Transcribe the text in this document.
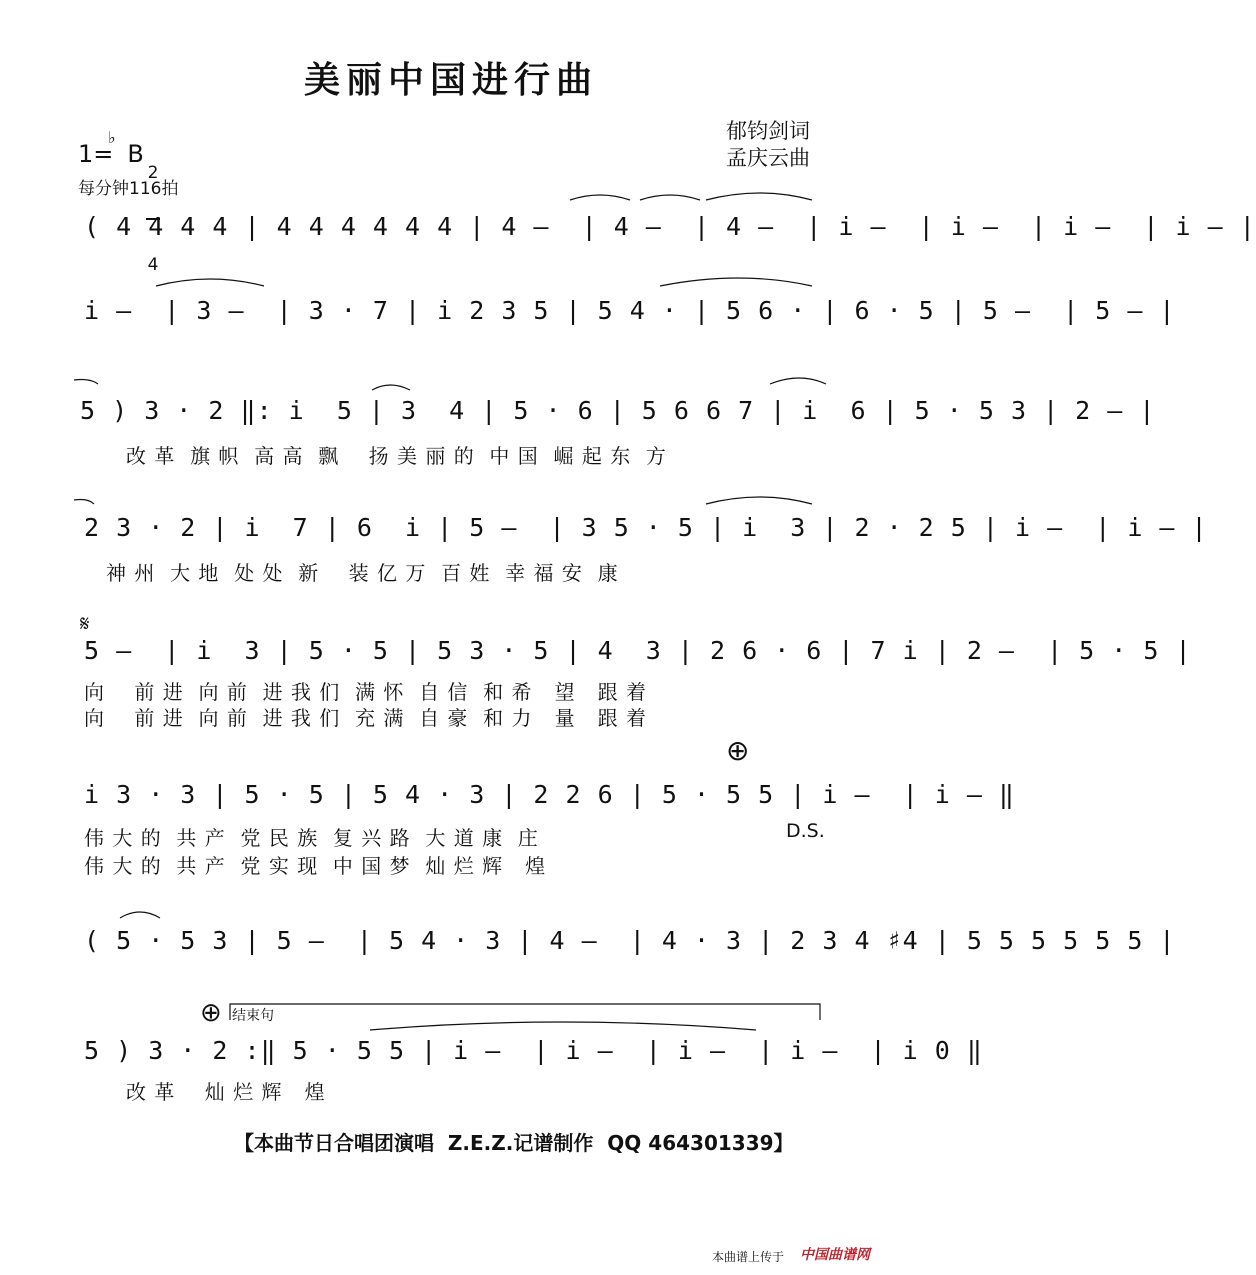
美丽中国进行曲
郁钧剑词
孟庆云曲
1= B
♭

2

4

每分钟116拍
( 4 4 4 4 | 4 4 4 4 4 4 | 4 –  | 4 –  | 4 –  | i –  | i –  | i –  | i – |
i –  | 3 –  | 3 · 7 | i 2 3 5 | 5 4 · | 5 6 · | 6 · 5 | 5 –  | 5 – |
5 ) 3 · 2 ‖: i  5 | 3  4 | 5 · 6 | 5 6 6 7 | i  6 | 5 · 5 3 | 2 – |
改 革  旗 帜  高 高  飘    扬 美 丽 的  中 国  崛 起 东  方
2 3 · 2 | i  7 | 6  i | 5 –  | 3 5 · 5 | i  3 | 2 · 2 5 | i –  | i – |
神 州  大 地  处 处  新    装 亿 万  百 姓  幸 福 安  康
𝄋
5 –  | i  3 | 5 · 5 | 5 3 · 5 | 4  3 | 2 6 · 6 | 7 i | 2 –  | 5 · 5 |
向    前 进  向 前  进 我 们  满 怀  自 信  和 希   望   跟 着
向    前 进  向 前  进 我 们  充 满  自 豪  和 力   量   跟 着
⊕
i 3 · 3 | 5 · 5 | 5 4 · 3 | 2 2 6 | 5 · 5 5 | i –  | i – ‖
伟 大 的  共 产  党 民 族  复 兴 路  大 道 康  庄
伟 大 的  共 产  党 实 现  中 国 梦  灿 烂 辉   煌
D.S.
( 5 · 5 3 | 5 –  | 5 4 · 3 | 4 –  | 4 · 3 | 2 3 4 ♯4 | 5 5 5 5 5 5 |
⊕ 结束句
5 ) 3 · 2 :‖ 5 · 5 5 | i –  | i –  | i –  | i –  | i 0 ‖
改 革    灿 烂 辉   煌
【本曲节日合唱团演唱  Z.E.Z.记谱制作  QQ 464301339】
本曲谱上传于 中国曲谱网
